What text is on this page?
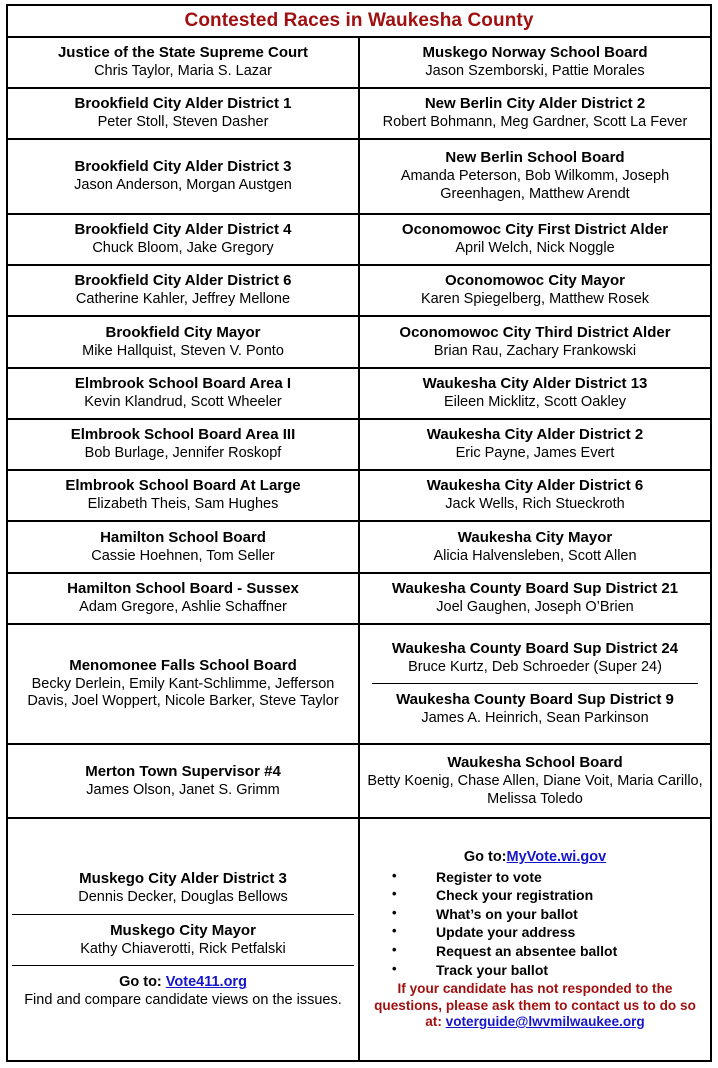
Contested Races in Waukesha County	

Justice of the State Supreme Court
Chris Taylor, Maria S. Lazar

Muskego Norway School Board
Jason Szemborski, Pattie Morales

Brookfield City Alder District 1
Peter Stoll, Steven Dasher

New Berlin City Alder District 2
Robert Bohmann, Meg Gardner, Scott La Fever

Brookfield City Alder District 3
Jason Anderson, Morgan Austgen

New Berlin School Board
Amanda Peterson, Bob Wilkomm, Joseph Greenhagen, Matthew Arendt

Brookfield City Alder District 4
Chuck Bloom, Jake Gregory

Oconomowoc City First District Alder
April Welch, Nick Noggle

Brookfield City Alder District 6
Catherine Kahler, Jeffrey Mellone

Oconomowoc City Mayor
Karen Spiegelberg, Matthew Rosek

Brookfield City Mayor
Mike Hallquist, Steven V. Ponto

Oconomowoc City Third District Alder
Brian Rau, Zachary Frankowski

Elmbrook School Board Area I
Kevin Klandrud, Scott Wheeler

Waukesha City Alder District 13
Eileen Micklitz, Scott Oakley

Elmbrook School Board Area III
Bob Burlage, Jennifer Roskopf

Waukesha City Alder District 2
Eric Payne, James Evert

Elmbrook School Board At Large
Elizabeth Theis, Sam Hughes

Waukesha City Alder District 6
Jack Wells, Rich Stueckroth

Hamilton School Board
Cassie Hoehnen, Tom Seller

Waukesha City Mayor
Alicia Halvensleben, Scott Allen

Hamilton School Board - Sussex
Adam Gregore, Ashlie Schaffner

Waukesha County Board Sup District 21
Joel Gaughen, Joseph O’Brien

Menomonee Falls School Board
Becky Derlein, Emily Kant-Schlimme, Jefferson Davis, Joel Woppert, Nicole Barker, Steve Taylor

Waukesha County Board Sup District 24
Bruce Kurtz, Deb Schroeder (Super 24)
Waukesha County Board Sup District 9
James A. Heinrich, Sean Parkinson

Merton Town Supervisor #4
James Olson, Janet S. Grimm

Waukesha School Board
Betty Koenig, Chase Allen, Diane Voit, Maria Carillo, Melissa Toledo

Muskego City Alder District 3
Dennis Decker, Douglas Bellows
Muskego City Mayor
Kathy Chiaverotti, Rick Petfalski
Go to: Vote411.org
Find and compare candidate views on the issues.

Go to:MyVote.wi.gov
• Register to vote
• Check your registration
• What’s on your ballot
• Update your address
• Request an absentee ballot
• Track your ballot
If your candidate has not responded to the questions, please ask them to contact us to do so at: voterguide@lwvmilwaukee.org
